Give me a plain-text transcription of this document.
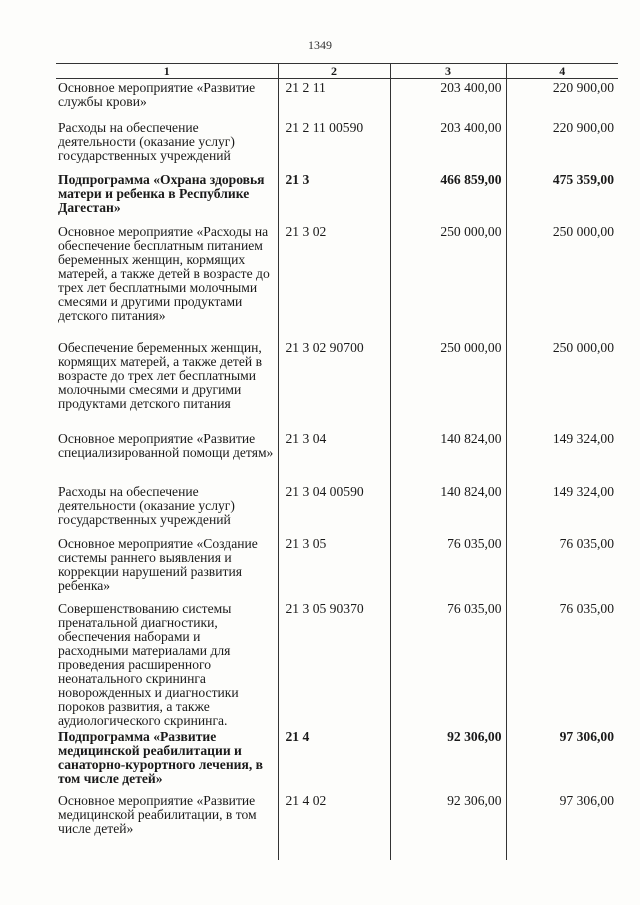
1349
1	2	3	4
Основное мероприятие «Развитие службы крови»	21 2 11	203 400,00	220 900,00
Расходы на обеспечение деятельности (оказание услуг) государственных учреждений	21 2 11 00590	203 400,00	220 900,00
Подпрограмма «Охрана здоровья матери и ребенка в Республике Дагестан»	21 3	466 859,00	475 359,00
Основное мероприятие «Расходы на обеспечение бесплатным питанием беременных женщин, кормящих матерей, а также детей в возрасте до трех лет бесплатными молочными смесями и другими продуктами детского питания»	21 3 02	250 000,00	250 000,00
Обеспечение беременных женщин, кормящих матерей, а также детей в возрасте до трех лет бесплатными молочными смесями и другими продуктами детского питания	21 3 02 90700	250 000,00	250 000,00
Основное мероприятие «Развитие специализированной помощи детям»	21 3 04	140 824,00	149 324,00
Расходы на обеспечение деятельности (оказание услуг) государственных учреждений	21 3 04 00590	140 824,00	149 324,00
Основное мероприятие «Создание системы раннего выявления и коррекции нарушений развития ребенка»	21 3 05	76 035,00	76 035,00
Совершенствованию системы пренатальной диагностики, обеспечения наборами и расходными материалами для проведения расширенного неонатального скрининга новорожденных и диагностики пороков развития, а также аудиологического скрининга.	21 3 05 90370	76 035,00	76 035,00
Подпрограмма «Развитие медицинской реабилитации и санаторно-курортного лечения, в том числе детей»	21 4	92 306,00	97 306,00
Основное мероприятие «Развитие медицинской реабилитации, в том числе детей»	21 4 02	92 306,00	97 306,00
